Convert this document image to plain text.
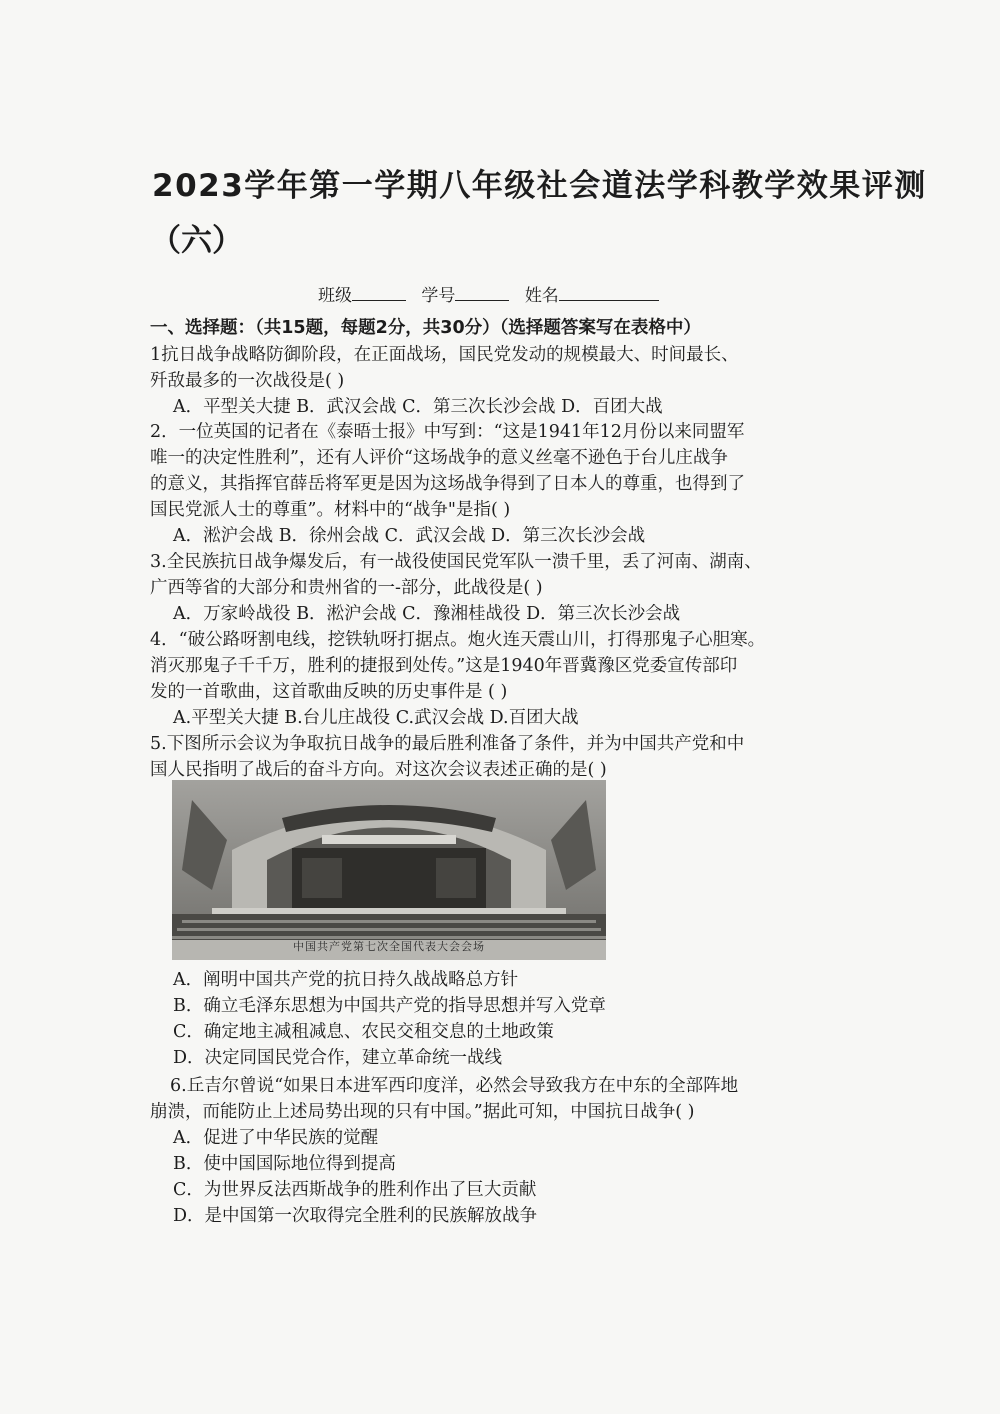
2023学年第一学期八年级社会道法学科教学效果评测
（六）
班级	学号	姓名
一、选择题：（共15题，每题2分，共30分）（选择题答案写在表格中）
1抗日战争战略防御阶段，在正面战场，国民党发动的规模最大、时间最长、
歼敌最多的一次战役是( )
A．平型关大捷 B．武汉会战 C．第三次长沙会战 D．百团大战
2．一位英国的记者在《泰晤士报》中写到：“这是1941年12月份以来同盟军
唯一的决定性胜利”，还有人评价“这场战争的意义丝毫不逊色于台儿庄战争
的意义，其指挥官薛岳将军更是因为这场战争得到了日本人的尊重，也得到了
国民党派人士的尊重”。材料中的“战争"是指( )
A．淞沪会战 B．徐州会战 C．武汉会战 D．第三次长沙会战
3.全民族抗日战争爆发后，有一战役使国民党军队一溃千里，丢了河南、湖南、
广西等省的大部分和贵州省的一-部分，此战役是( )
A．万家岭战役 B．淞沪会战 C．豫湘桂战役 D．第三次长沙会战
4．“破公路呀割电线，挖铁轨呀打据点。炮火连天震山川，打得那鬼子心胆寒。
消灭那鬼子千千万，胜利的捷报到处传。”这是1940年晋冀豫区党委宣传部印
发的一首歌曲，这首歌曲反映的历史事件是 ( )
A.平型关大捷 B.台儿庄战役 C.武汉会战 D.百团大战
5.下图所示会议为争取抗日战争的最后胜利准备了条件，并为中国共产党和中
国人民指明了战后的奋斗方向。对这次会议表述正确的是( )
中国共产党第七次全国代表大会会场
A．阐明中国共产党的抗日持久战战略总方针
B．确立毛泽东思想为中国共产党的指导思想并写入党章
C．确定地主减租减息、农民交租交息的土地政策
D．决定同国民党合作，建立革命统一战线
6.丘吉尔曾说“如果日本进军西印度洋，必然会导致我方在中东的全部阵地
崩溃，而能防止上述局势出现的只有中国。”据此可知，中国抗日战争( )
A．促进了中华民族的觉醒
B．使中国国际地位得到提高
C．为世界反法西斯战争的胜利作出了巨大贡献
D．是中国第一次取得完全胜利的民族解放战争
